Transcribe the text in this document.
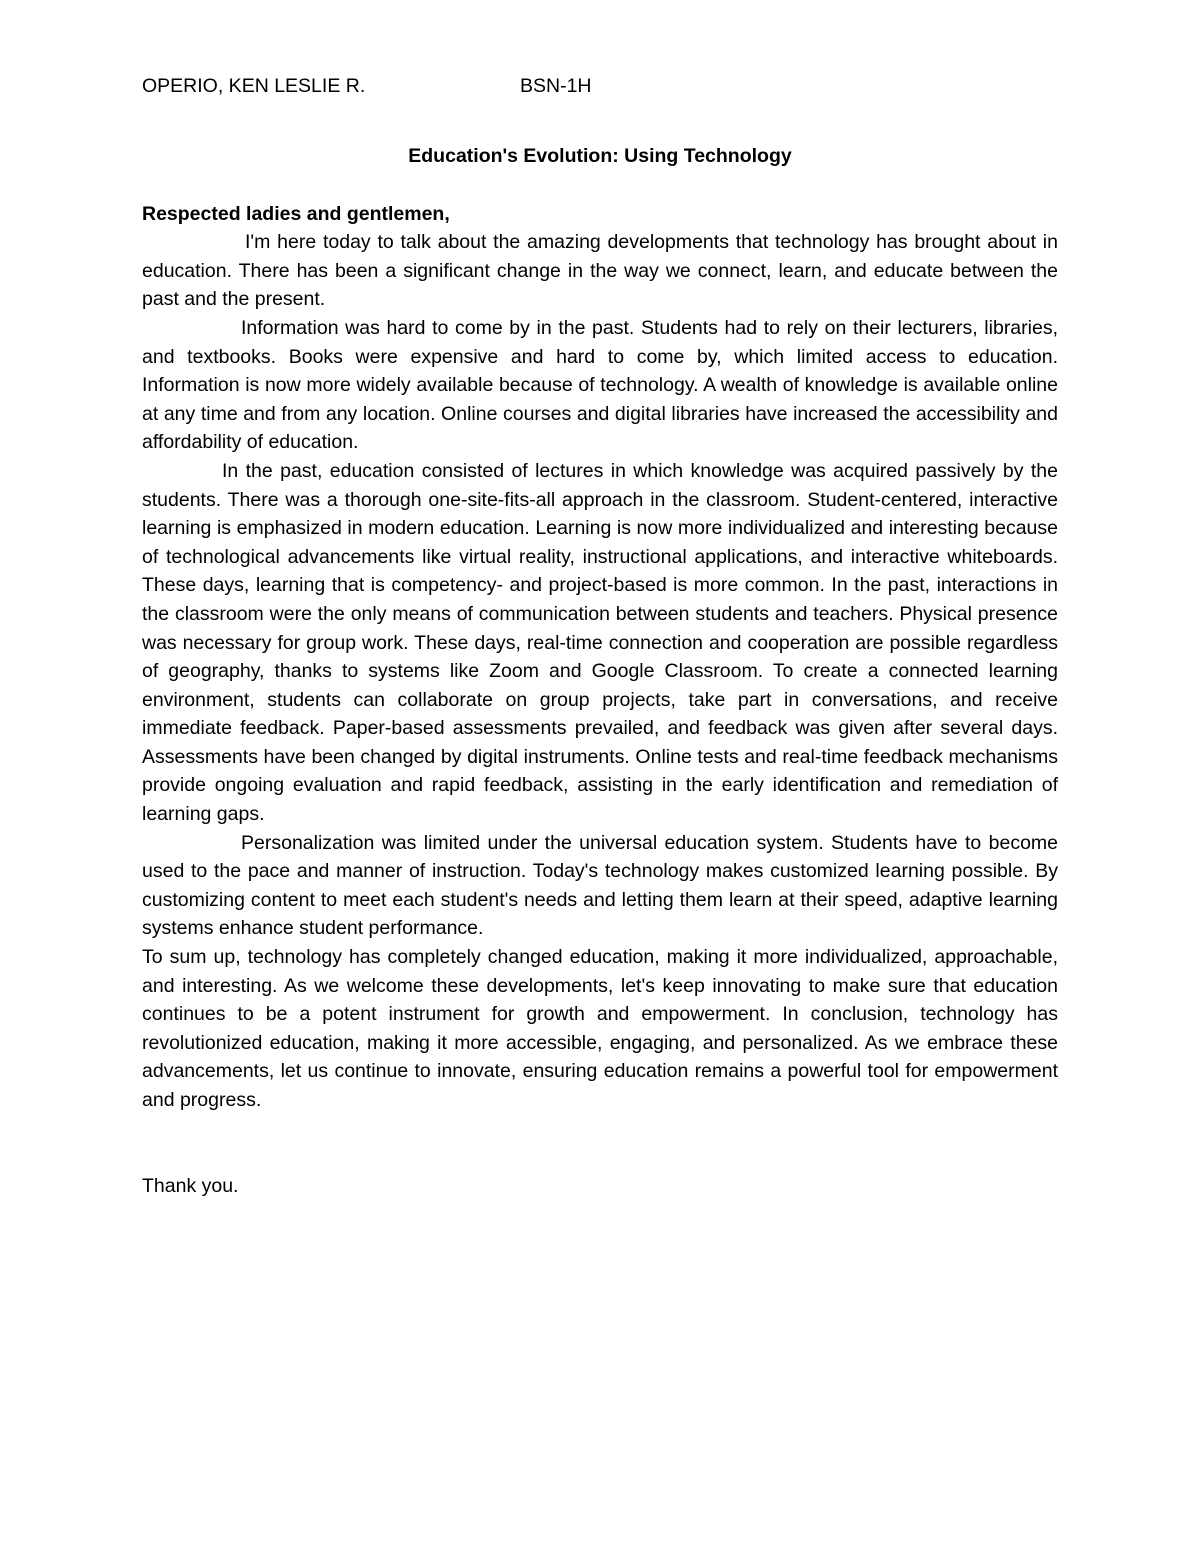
OPERIO, KEN LESLIE R.	BSN-1H
Education's Evolution: Using Technology
Respected ladies and gentlemen,

I'm here today to talk about the amazing developments that technology has brought about in education. There has been a significant change in the way we connect, learn, and educate between the past and the present.

Information was hard to come by in the past. Students had to rely on their lecturers, libraries, and textbooks. Books were expensive and hard to come by, which limited access to education. Information is now more widely available because of technology. A wealth of knowledge is available online at any time and from any location. Online courses and digital libraries have increased the accessibility and affordability of education.

In the past, education consisted of lectures in which knowledge was acquired passively by the students. There was a thorough one-site-fits-all approach in the classroom. Student-centered, interactive learning is emphasized in modern education. Learning is now more individualized and interesting because of technological advancements like virtual reality, instructional applications, and interactive whiteboards. These days, learning that is competency- and project-based is more common. In the past, interactions in the classroom were the only means of communication between students and teachers. Physical presence was necessary for group work. These days, real-time connection and cooperation are possible regardless of geography, thanks to systems like Zoom and Google Classroom. To create a connected learning environment, students can collaborate on group projects, take part in conversations, and receive immediate feedback. Paper-based assessments prevailed, and feedback was given after several days. Assessments have been changed by digital instruments. Online tests and real-time feedback mechanisms provide ongoing evaluation and rapid feedback, assisting in the early identification and remediation of learning gaps.

Personalization was limited under the universal education system. Students have to become used to the pace and manner of instruction. Today's technology makes customized learning possible. By customizing content to meet each student's needs and letting them learn at their speed, adaptive learning systems enhance student performance.

To sum up, technology has completely changed education, making it more individualized, approachable, and interesting. As we welcome these developments, let's keep innovating to make sure that education continues to be a potent instrument for growth and empowerment. In conclusion, technology has revolutionized education, making it more accessible, engaging, and personalized. As we embrace these advancements, let us continue to innovate, ensuring education remains a powerful tool for empowerment and progress.

Thank you.
